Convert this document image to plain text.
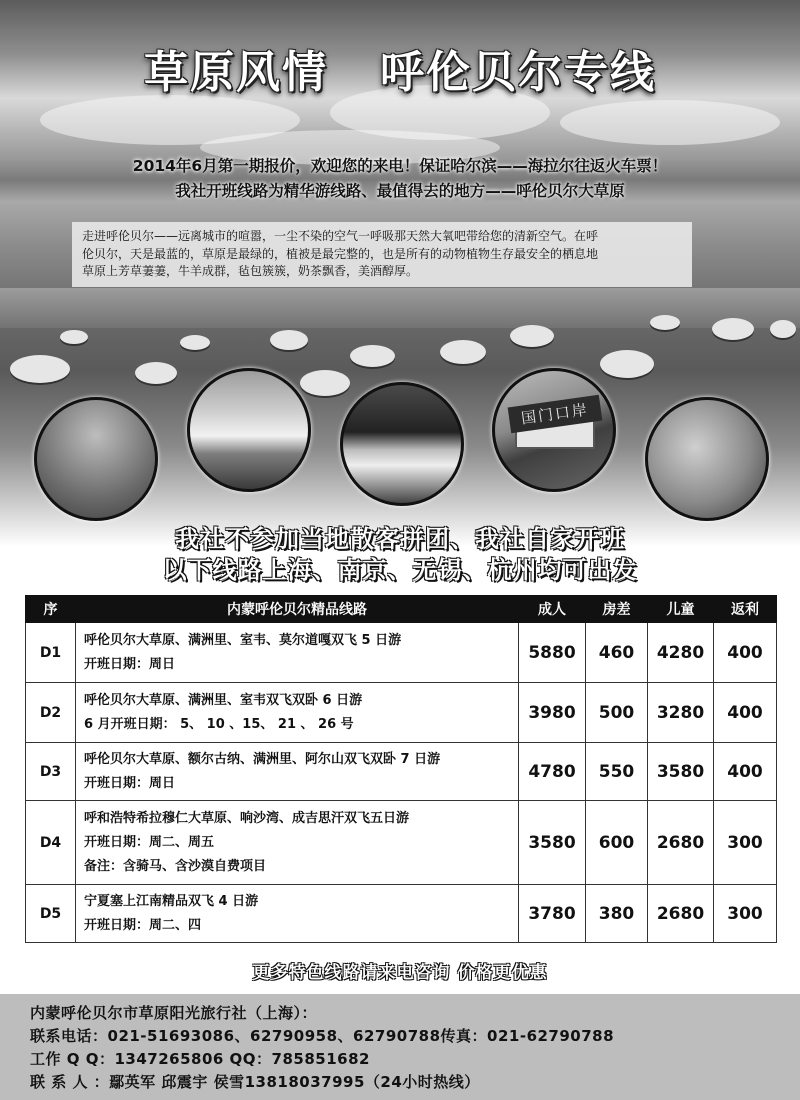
草原风情 呼伦贝尔专线
2014年6月第一期报价，欢迎您的来电！保证哈尔滨——海拉尔往返火车票！
我社开班线路为精华游线路、最值得去的地方——呼伦贝尔大草原
走进呼伦贝尔——远离城市的喧嚣，一尘不染的空气一呼吸那天然大氧吧带给您的清新空气。在呼
伦贝尔，天是最蓝的，草原是最绿的，植被是最完整的，也是所有的动物植物生存最安全的栖息地
草原上芳草萋萋，牛羊成群，毡包簇簇，奶茶飘香，美酒醇厚。
国门口岸
我社不参加当地散客拼团、我社自家开班
以下线路上海、南京、无锡、杭州均可出发
序	内蒙呼伦贝尔精品线路	成人	房差	儿童	返利
D1	呼伦贝尔大草原、满洲里、室韦、莫尔道嘎双飞 5 日游
开班日期：周日	5880	460	4280	400
D2	呼伦贝尔大草原、满洲里、室韦双飞双卧 6 日游
6 月开班日期： 5、 10 、15、 21 、 26 号	3980	500	3280	400
D3	呼伦贝尔大草原、额尔古纳、满洲里、阿尔山双飞双卧 7 日游
开班日期：周日	4780	550	3580	400
D4	呼和浩特希拉穆仁大草原、响沙湾、成吉思汗双飞五日游
开班日期：周二、周五
备注：含骑马、含沙漠自费项目	3580	600	2680	300
D5	宁夏塞上江南精品双飞 4 日游
开班日期：周二、四	3780	380	2680	300
更多特色线路请来电咨询 价格更优惠
内蒙呼伦贝尔市草原阳光旅行社（上海）：
联系电话：021-51693086、62790958、62790788传真：021-62790788
工作 Q Q：1347265806 QQ：785851682
联 系 人 ：鄢英军 邱震宇 侯雪13818037995（24小时热线）
